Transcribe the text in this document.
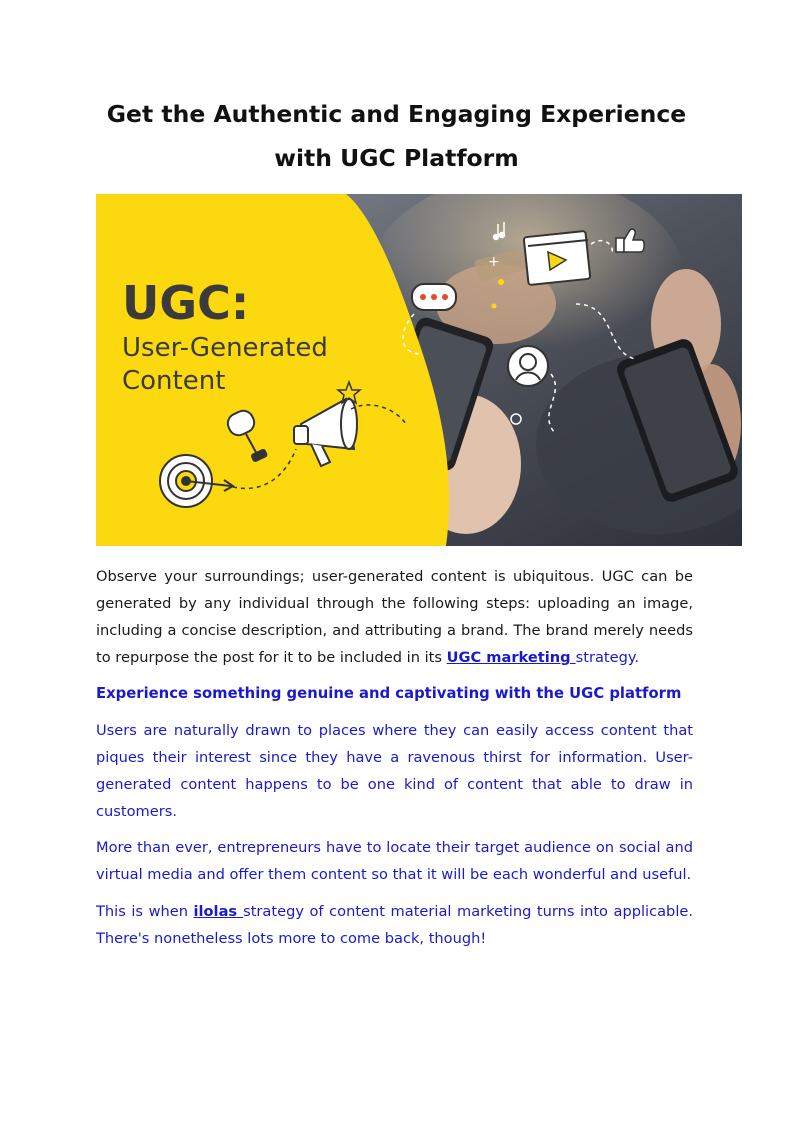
Get the Authentic and Engaging Experience
with UGC Platform
UGC:
User-Generated
Content
+

Observe your surroundings; user-generated content is ubiquitous. UGC can be generated by any individual through the following steps: uploading an image, including a concise description, and attributing a brand. The brand merely needs to repurpose the post for it to be included in its UGC marketing strategy.

Experience something genuine and captivating with the UGC platform

Users are naturally drawn to places where they can easily access content that piques their interest since they have a ravenous thirst for information. User-generated content happens to be one kind of content that able to draw in customers.

More than ever, entrepreneurs have to locate their target audience on social and virtual media and offer them content so that it will be each wonderful and useful.

This is when ilolas strategy of content material marketing turns into applicable. There's nonetheless lots more to come back, though!
